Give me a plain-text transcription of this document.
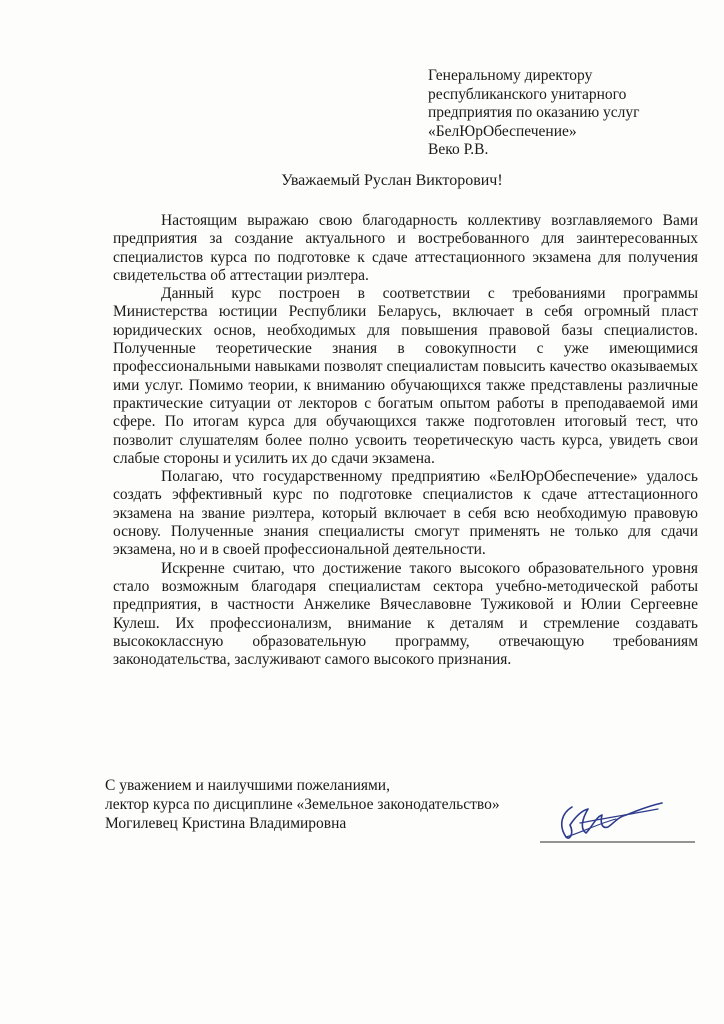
Генеральному директору
республиканского унитарного
предприятия по оказанию услуг
«БелЮрОбеспечение»
Веко Р.В.
Уважаемый Руслан Викторович!

Настоящим выражаю свою благодарность коллективу возглавляемого Вами предприятия за создание актуального и востребованного для заинтересованных специалистов курса по подготовке к сдаче аттестационного экзамена для получения свидетельства об аттестации риэлтера.

Данный курс построен в соответствии с требованиями программы Министерства юстиции Республики Беларусь, включает в себя огромный пласт юридических основ, необходимых для повышения правовой базы специалистов. Полученные теоретические знания в совокупности с уже имеющимися профессиональными навыками позволят специалистам повысить качество оказываемых ими услуг. Помимо теории, к вниманию обучающихся также представлены различные практические ситуации от лекторов с богатым опытом работы в преподаваемой ими сфере. По итогам курса для обучающихся также подготовлен итоговый тест, что позволит слушателям более полно усвоить теоретическую часть курса, увидеть свои слабые стороны и усилить их до сдачи экзамена.

Полагаю, что государственному предприятию «БелЮрОбеспечение» удалось создать эффективный курс по подготовке специалистов к сдаче аттестационного экзамена на звание риэлтера, который включает в себя всю необходимую правовую основу. Полученные знания специалисты смогут применять не только для сдачи экзамена, но и в своей профессиональной деятельности.

Искренне считаю, что достижение такого высокого образовательного уровня стало возможным благодаря специалистам сектора учебно-методической работы предприятия, в частности Анжелике Вячеславовне Тужиковой и Юлии Сергеевне Кулеш. Их профессионализм, внимание к деталям и стремление создавать высококлассную образовательную программу, отвечающую требованиям законодательства, заслуживают самого высокого признания.

С уважением и наилучшими пожеланиями,
лектор курса по дисциплине «Земельное законодательство»
Могилевец Кристина Владимировна
